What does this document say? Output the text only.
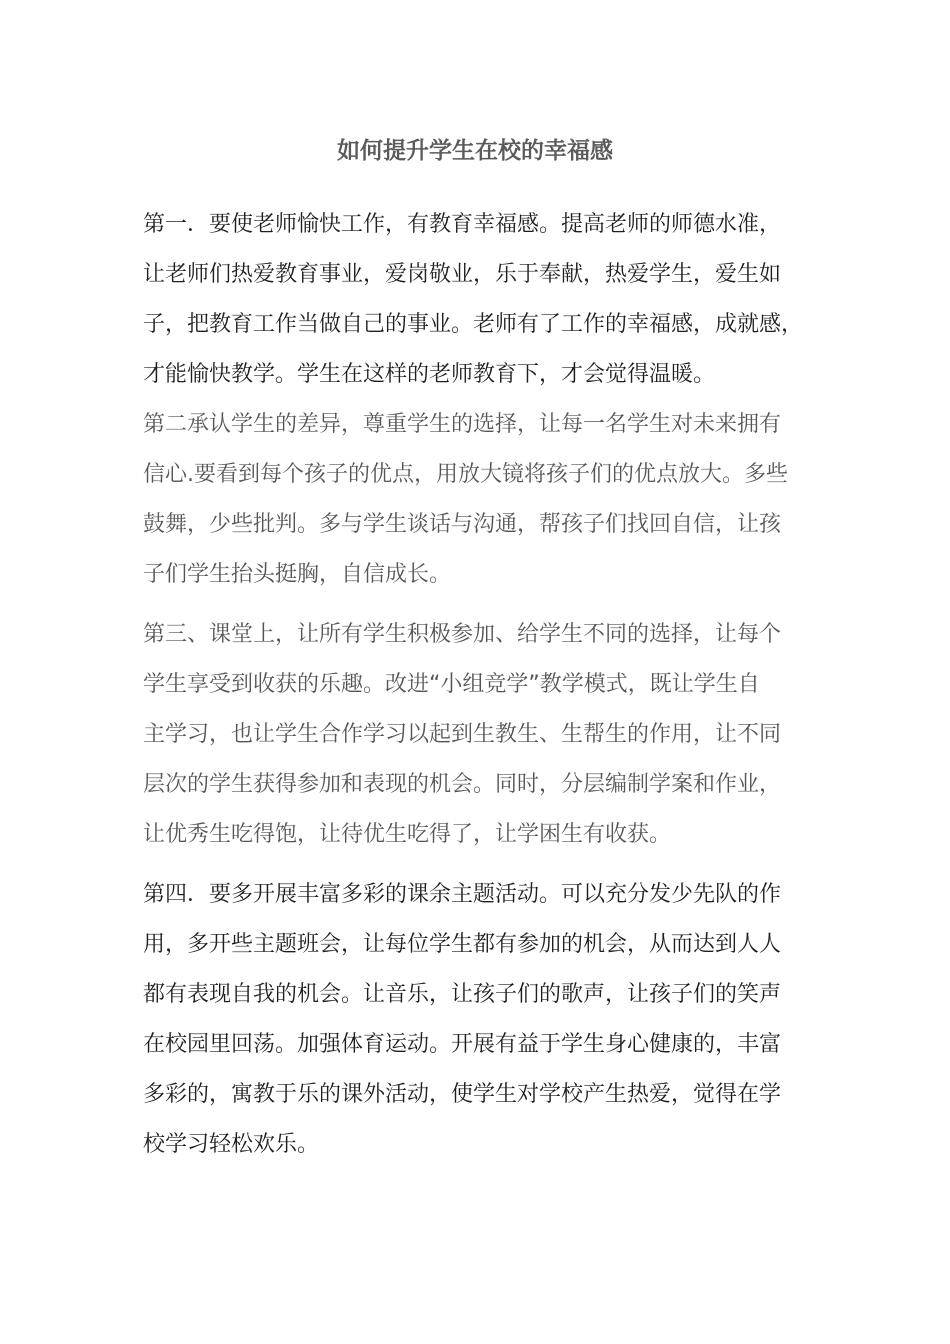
如何提升学生在校的幸福感

第一．要使老师愉快工作，有教育幸福感。提高老师的师德水准，
让老师们热爱教育事业，爱岗敬业，乐于奉献，热爱学生，爱生如
子，把教育工作当做自己的事业。老师有了工作的幸福感，成就感，
才能愉快教学。学生在这样的老师教育下，才会觉得温暖。

第二承认学生的差异，尊重学生的选择，让每一名学生对未来拥有
信心.要看到每个孩子的优点，用放大镜将孩子们的优点放大。多些
鼓舞，少些批判。多与学生谈话与沟通，帮孩子们找回自信，让孩
子们学生抬头挺胸，自信成长。

第三、课堂上，让所有学生积极参加、给学生不同的选择，让每个
学生享受到收获的乐趣。改进“小组竞学”教学模式，既让学生自
主学习，也让学生合作学习以起到生教生、生帮生的作用，让不同
层次的学生获得参加和表现的机会。同时，分层编制学案和作业，
让优秀生吃得饱，让待优生吃得了，让学困生有收获。

第四．要多开展丰富多彩的课余主题活动。可以充分发少先队的作
用，多开些主题班会，让每位学生都有参加的机会，从而达到人人
都有表现自我的机会。让音乐，让孩子们的歌声，让孩子们的笑声
在校园里回荡。加强体育运动。开展有益于学生身心健康的，丰富
多彩的，寓教于乐的课外活动，使学生对学校产生热爱，觉得在学
校学习轻松欢乐。
